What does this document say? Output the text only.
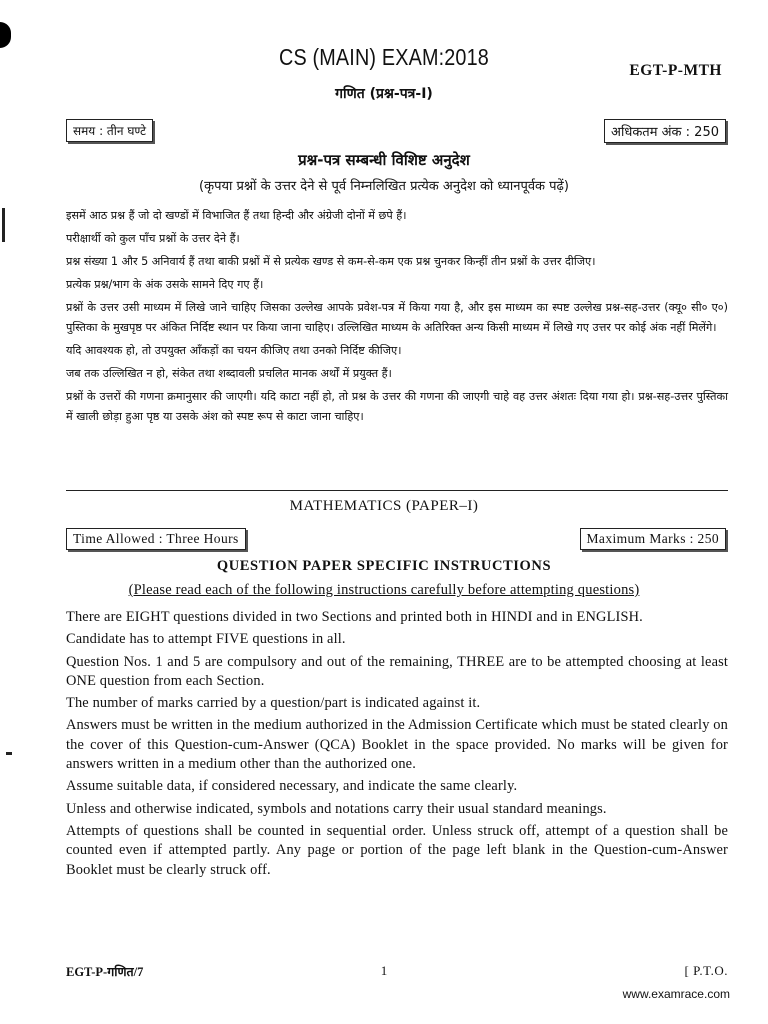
CS (MAIN) EXAM:2018
EGT-P-MTH
गणित (प्रश्न-पत्र-I)
समय : तीन घण्टे	अधिकतम अंक : 250
प्रश्न-पत्र सम्बन्धी विशिष्ट अनुदेश
(कृपया प्रश्नों के उत्तर देने से पूर्व निम्नलिखित प्रत्येक अनुदेश को ध्यानपूर्वक पढ़ें)

इसमें आठ प्रश्न हैं जो दो खण्डों में विभाजित हैं तथा हिन्दी और अंग्रेजी दोनों में छपे हैं।

परीक्षार्थी को कुल पाँच प्रश्नों के उत्तर देने हैं।

प्रश्न संख्या 1 और 5 अनिवार्य हैं तथा बाकी प्रश्नों में से प्रत्येक खण्ड से कम-से-कम एक प्रश्न चुनकर किन्हीं तीन प्रश्नों के उत्तर दीजिए।

प्रत्येक प्रश्न/भाग के अंक उसके सामने दिए गए हैं।

प्रश्नों के उत्तर उसी माध्यम में लिखे जाने चाहिए जिसका उल्लेख आपके प्रवेश-पत्र में किया गया है, और इस माध्यम का स्पष्ट उल्लेख प्रश्न-सह-उत्तर (क्यू० सी० ए०) पुस्तिका के मुखपृष्ठ पर अंकित निर्दिष्ट स्थान पर किया जाना चाहिए। उल्लिखित माध्यम के अतिरिक्त अन्य किसी माध्यम में लिखे गए उत्तर पर कोई अंक नहीं मिलेंगे।

यदि आवश्यक हो, तो उपयुक्त आँकड़ों का चयन कीजिए तथा उनको निर्दिष्ट कीजिए।

जब तक उल्लिखित न हो, संकेत तथा शब्दावली प्रचलित मानक अर्थों में प्रयुक्त हैं।

प्रश्नों के उत्तरों की गणना क्रमानुसार की जाएगी। यदि काटा नहीं हो, तो प्रश्न के उत्तर की गणना की जाएगी चाहे वह उत्तर अंशतः दिया गया हो। प्रश्न-सह-उत्तर पुस्तिका में खाली छोड़ा हुआ पृष्ठ या उसके अंश को स्पष्ट रूप से काटा जाना चाहिए।

MATHEMATICS (PAPER–I)
Time Allowed : Three Hours	Maximum Marks : 250
QUESTION PAPER SPECIFIC INSTRUCTIONS
(Please read each of the following instructions carefully before attempting questions)

There are EIGHT questions divided in two Sections and printed both in HINDI and in ENGLISH.

Candidate has to attempt FIVE questions in all.

Question Nos. 1 and 5 are compulsory and out of the remaining, THREE are to be attempted choosing at least ONE question from each Section.

The number of marks carried by a question/part is indicated against it.

Answers must be written in the medium authorized in the Admission Certificate which must be stated clearly on the cover of this Question-cum-Answer (QCA) Booklet in the space provided. No marks will be given for answers written in a medium other than the authorized one.

Assume suitable data, if considered necessary, and indicate the same clearly.

Unless and otherwise indicated, symbols and notations carry their usual standard meanings.

Attempts of questions shall be counted in sequential order. Unless struck off, attempt of a question shall be counted even if attempted partly. Any page or portion of the page left blank in the Question-cum-Answer Booklet must be clearly struck off.

EGT-P-गणित/7	1	[ P.T.O.
www.examrace.com
